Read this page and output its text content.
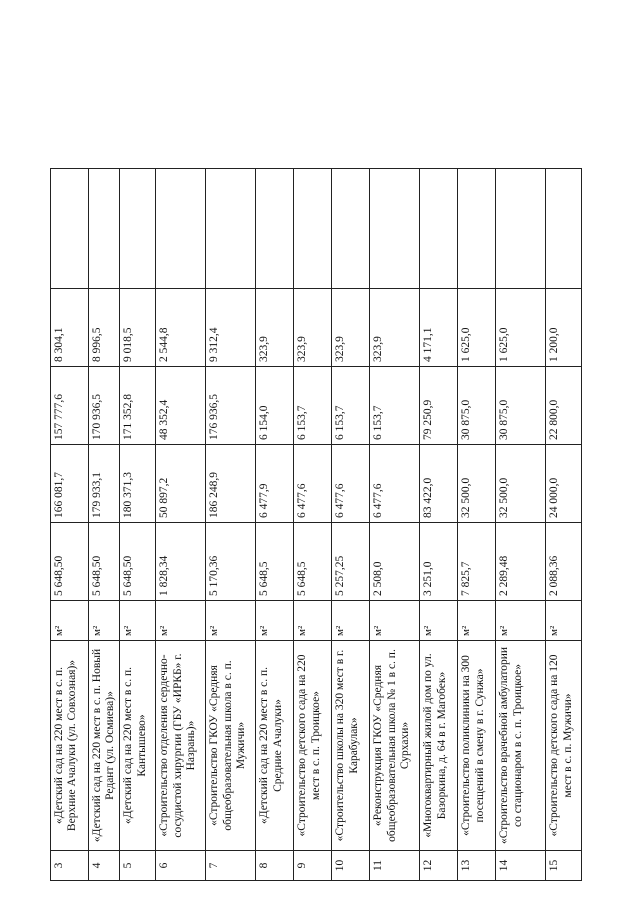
3	«Детский сад на 220 мест в с. п. Верхние Ачалуки (ул. Совхозная)»	м²	5 648,50	166 081,7	157 777,6	8 304,1	
4	«Детский сад на 220 мест в с. п. Новый Редант (ул. Осмиева)»	м²	5 648,50	179 933,1	170 936,5	8 996,5	
5	«Детский сад на 220 мест в с. п. Кантышево»	м²	5 648,50	180 371,3	171 352,8	9 018,5	
6	«Строительство отделения сердечно-сосудистой хирургии (ГБУ «ИРКБ» г. Назрань)»	м²	1 828,34	50 897,2	48 352,4	2 544,8	
7	«Строительство ГКОУ «Средняя общеобразовательная школа в с. п. Мужичи»	м²	5 170,36	186 248,9	176 936,5	9 312,4	
8	«Детский сад на 220 мест в с. п. Средние Ачалуки»	м²	5 648,5	6 477,9	6 154,0	323,9	
9	«Строительство детского сада на 220 мест в с. п. Троицкое»	м²	5 648,5	6 477,6	6 153,7	323,9	
10	«Строительство школы на 320 мест в г. Карабулак»	м²	5 257,25	6 477,6	6 153,7	323,9	
11	«Реконструкция ГКОУ «Средняя общеобразовательная школа № 1 в с. п. Сурхахи»	м²	2 508,0	6 477,6	6 153,7	323,9	
12	«Многоквартирный жилой дом по ул. Базоркина, д. 64 в г. Магобек»	м²	3 251,0	83 422,0	79 250,9	4 171,1	
13	«Строительство поликлиники на 300 посещений в смену в г. Сунжа»	м²	7 825,7	32 500,0	30 875,0	1 625,0	
14	«Строительство врачебной амбулатории со стационаром в с. п. Троицкое»	м²	2 289,48	32 500,0	30 875,0	1 625,0	
15	«Строительство детского сада на 120 мест в с. п. Мужичи»	м²	2 088,36	24 000,0	22 800,0	1 200,0	
